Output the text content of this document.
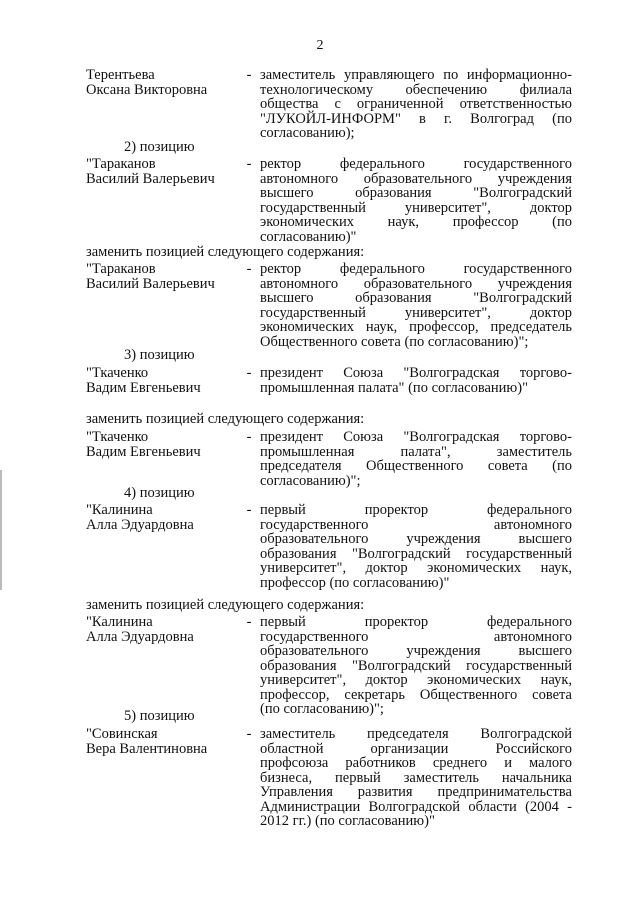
2
Терентьева
Оксана Викторовна
- заместитель управляющего по информационно-
технологическому обеспечению филиала
общества с ограниченной ответственностью
"ЛУКОЙЛ-ИНФОРМ" в г. Волгоград (по
согласованию);
2) позицию
"Тараканов
Василий Валерьевич
- ректор федерального государственного
автономного образовательного учреждения
высшего образования "Волгоградский
государственный университет", доктор
экономических наук, профессор (по
согласованию)"
заменить позицией следующего содержания:
"Тараканов
Василий Валерьевич
- ректор федерального государственного
автономного образовательного учреждения
высшего образования "Волгоградский
государственный университет", доктор
экономических наук, профессор, председатель
Общественного совета (по согласованию)";
3) позицию
"Ткаченко
Вадим Евгеньевич
- президент Союза "Волгоградская торгово-
промышленная палата" (по согласованию)"
заменить позицией следующего содержания:
"Ткаченко
Вадим Евгеньевич
- президент Союза "Волгоградская торгово-
промышленная палата", заместитель
председателя Общественного совета (по
согласованию)";
4) позицию
"Калинина
Алла Эдуардовна
- первый проректор федерального
государственного автономного
образовательного учреждения высшего
образования "Волгоградский государственный
университет", доктор экономических наук,
профессор (по согласованию)"
заменить позицией следующего содержания:
"Калинина
Алла Эдуардовна
- первый проректор федерального
государственного автономного
образовательного учреждения высшего
образования "Волгоградский государственный
университет", доктор экономических наук,
профессор, секретарь Общественного совета
(по согласованию)";
5) позицию
"Совинская
Вера Валентиновна
- заместитель председателя Волгоградской
областной организации Российского
профсоюза работников среднего и малого
бизнеса, первый заместитель начальника
Управления развития предпринимательства
Администрации Волгоградской области (2004 -
2012 гг.) (по согласованию)"
